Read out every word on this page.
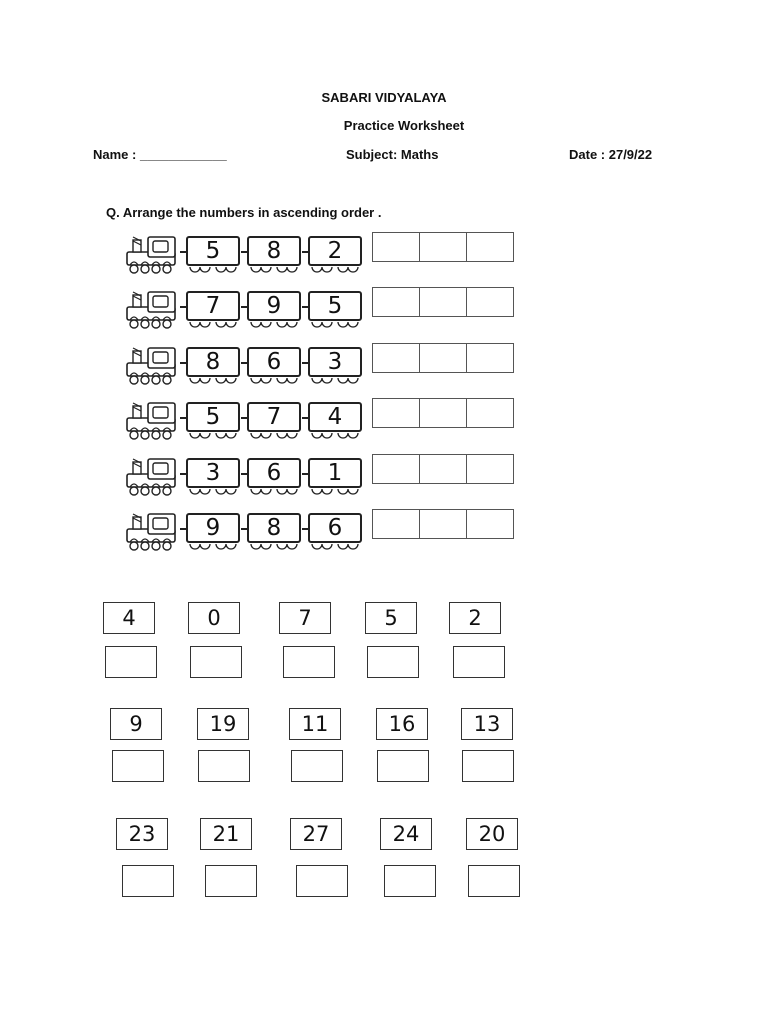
SABARI VIDYALAYA
Practice Worksheet
Name : ____________	Subject: Maths	Date : 27/9/22
Q. Arrange the numbers in ascending order .
5	8	2
7	9	5
8	6	3
5	7	4
3	6	1
9	8	6
4	0	7	5	2
9	19	11	16	13
23	21	27	24	20
